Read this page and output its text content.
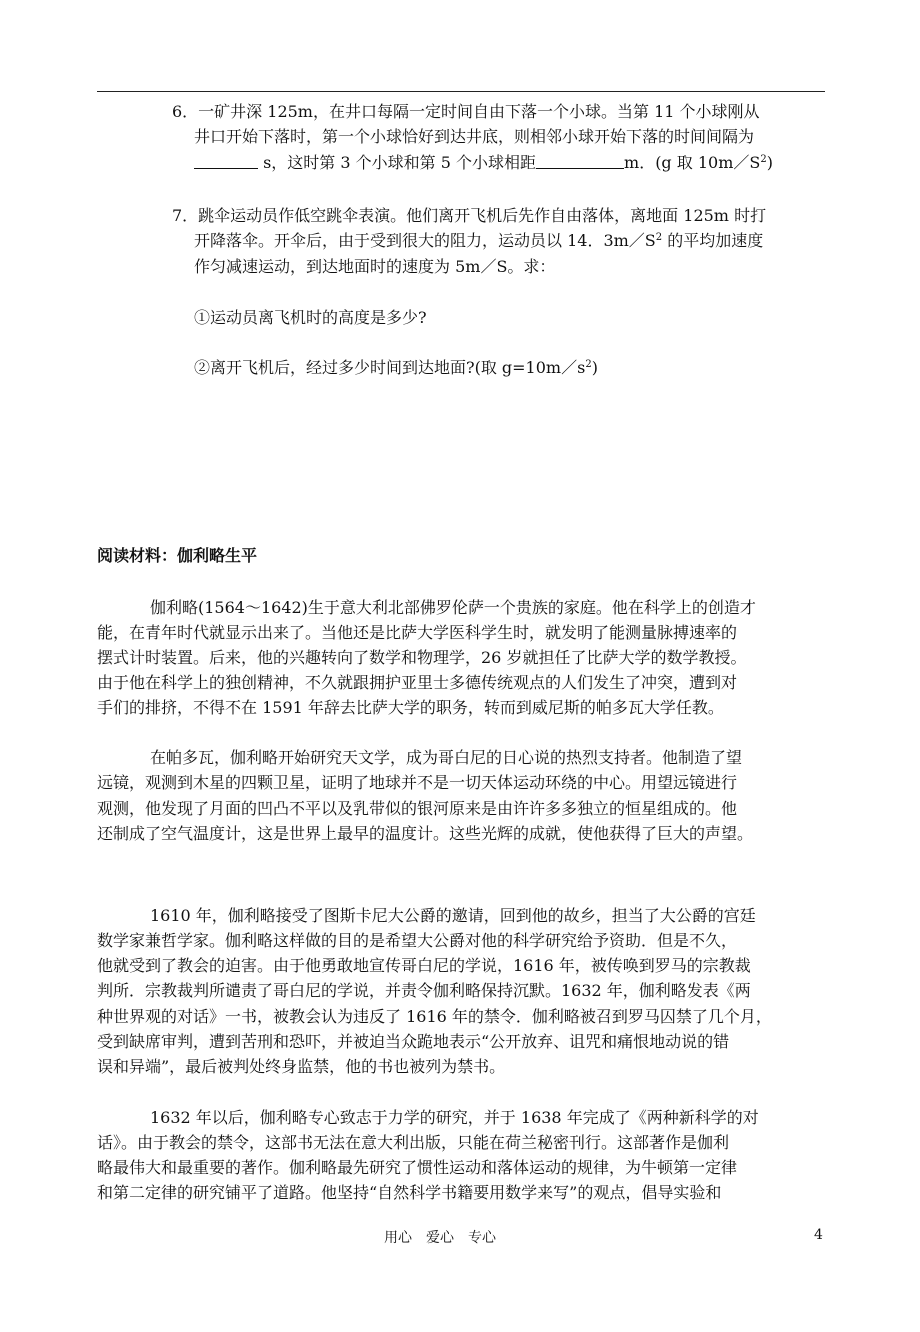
6．一矿井深 125m，在井口每隔一定时间自由下落一个小球。当第 11 个小球刚从
井口开始下落时，第一个小球恰好到达井底，则相邻小球开始下落的时间间隔为
s，这时第 3 个小球和第 5 个小球相距	m．(g 取 $10m/S^2$)
7．跳伞运动员作低空跳伞表演。他们离开飞机后先作自由落体，离地面 125m 时打
开降落伞。开伞后，由于受到很大的阻力，运动员以 14．$3m/S^2$ 的平均加速度
作匀减速运动，到达地面时的速度为 5m／S。求：
①运动员离飞机时的高度是多少?
②离开飞机后，经过多少时间到达地面?(取 $g=10m/s^2$)
阅读材料：伽利略生平
伽利略(1564～1642)生于意大利北部佛罗伦萨一个贵族的家庭。他在科学上的创造才
能，在青年时代就显示出来了。当他还是比萨大学医科学生时，就发明了能测量脉搏速率的
摆式计时装置。后来，他的兴趣转向了数学和物理学，26 岁就担任了比萨大学的数学教授。
由于他在科学上的独创精神，不久就跟拥护亚里士多德传统观点的人们发生了冲突，遭到对
手们的排挤，不得不在 1591 年辞去比萨大学的职务，转而到威尼斯的帕多瓦大学任教。
在帕多瓦，伽利略开始研究天文学，成为哥白尼的日心说的热烈支持者。他制造了望
远镜，观测到木星的四颗卫星，证明了地球并不是一切天体运动环绕的中心。用望远镜进行
观测，他发现了月面的凹凸不平以及乳带似的银河原来是由许许多多独立的恒星组成的。他
还制成了空气温度计，这是世界上最早的温度计。这些光辉的成就，使他获得了巨大的声望。
1610 年，伽利略接受了图斯卡尼大公爵的邀请，回到他的故乡，担当了大公爵的宫廷
数学家兼哲学家。伽利略这样做的目的是希望大公爵对他的科学研究给予资助．但是不久，
他就受到了教会的迫害。由于他勇敢地宣传哥白尼的学说，1616 年，被传唤到罗马的宗教裁
判所．宗教裁判所谴责了哥白尼的学说，并责令伽利略保持沉默。1632 年，伽利略发表《两
种世界观的对话》一书，被教会认为违反了 1616 年的禁令．伽利略被召到罗马囚禁了几个月，
受到缺席审判，遭到苦刑和恐吓，并被迫当众跪地表示“公开放弃、诅咒和痛恨地动说的错
误和异端”，最后被判处终身监禁，他的书也被列为禁书。
1632 年以后，伽利略专心致志于力学的研究，并于 1638 年完成了《两种新科学的对
话》。由于教会的禁令，这部书无法在意大利出版，只能在荷兰秘密刊行。这部著作是伽利
略最伟大和最重要的著作。伽利略最先研究了惯性运动和落体运动的规律，为牛顿第一定律
和第二定律的研究铺平了道路。他坚持“自然科学书籍要用数学来写”的观点，倡导实验和
用心　爱心　专心	4
